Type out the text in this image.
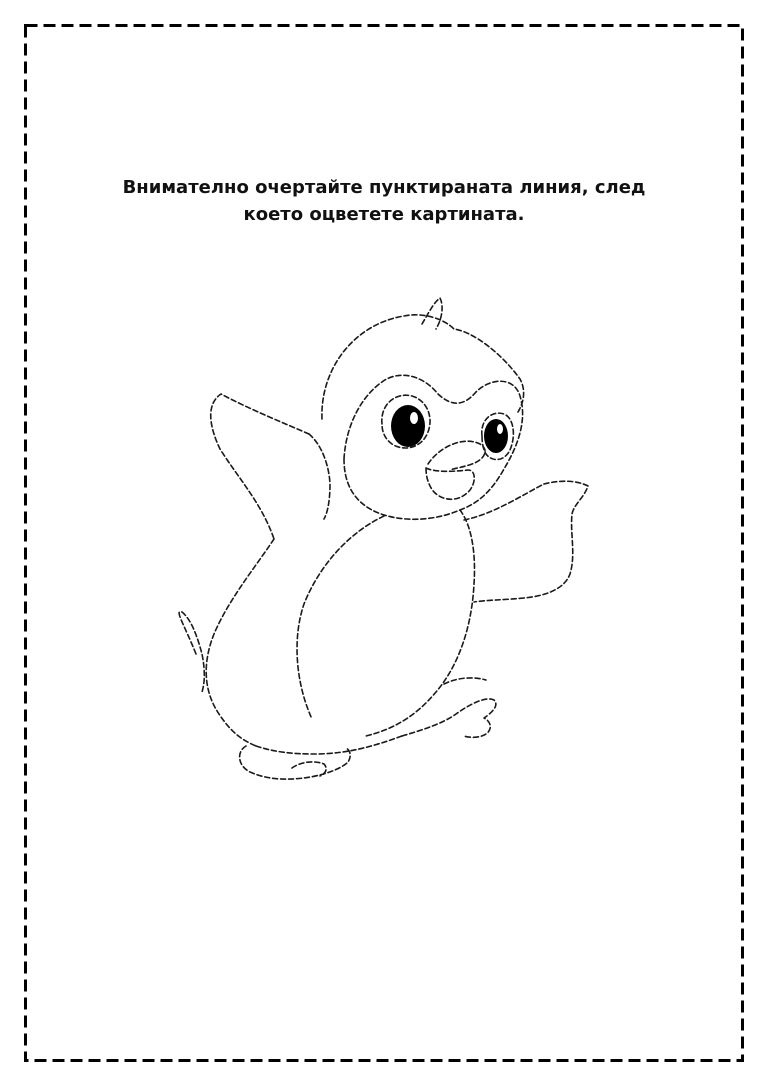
Внимателно очертайте пунктираната линия, след
което оцветете картината.
